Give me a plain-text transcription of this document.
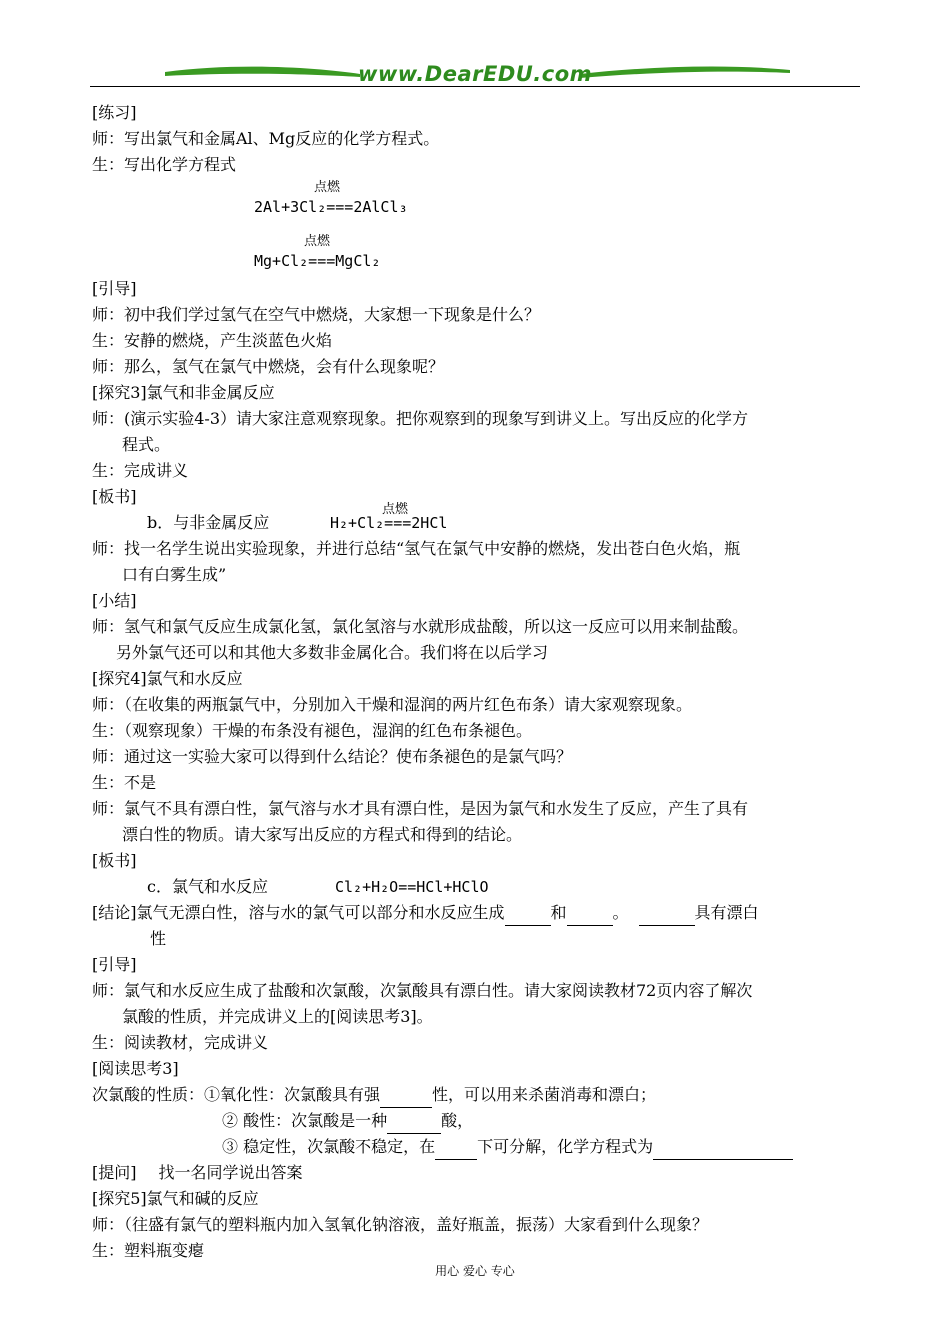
www.DearEDU.com

[练习]

师：写出氯气和金属Al、Mg反应的化学方程式。

生：写出化学方程式

点燃
2Al+3Cl₂===2AlCl₃
点燃
Mg+Cl₂===MgCl₂

[引导]

师：初中我们学过氢气在空气中燃烧，大家想一下现象是什么？

生：安静的燃烧，产生淡蓝色火焰

师：那么，氢气在氯气中燃烧，会有什么现象呢？

[探究3]氯气和非金属反应

师：(演示实验4-3）请大家注意观察现象。把你观察到的现象写到讲义上。写出反应的化学方

程式。

生：完成讲义

[板书]

b．与非金属反应
点燃
H₂+Cl₂===2HCl

师：找一名学生说出实验现象，并进行总结“氢气在氯气中安静的燃烧，发出苍白色火焰，瓶

口有白雾生成”

[小结]

师：氢气和氯气反应生成氯化氢，氯化氢溶与水就形成盐酸，所以这一反应可以用来制盐酸。

另外氯气还可以和其他大多数非金属化合。我们将在以后学习

[探究4]氯气和水反应

师：（在收集的两瓶氯气中，分别加入干燥和湿润的两片红色布条）请大家观察现象。

生：（观察现象）干燥的布条没有褪色，湿润的红色布条褪色。

师：通过这一实验大家可以得到什么结论？使布条褪色的是氯气吗？

生：不是

师：氯气不具有漂白性，氯气溶与水才具有漂白性，是因为氯气和水发生了反应，产生了具有

漂白性的物质。请大家写出反应的方程式和得到的结论。

[板书]

c．氯气和水反应	Cl₂+H₂O==HCl+HClO

[结论]氯气无漂白性，溶与水的氯气可以部分和水反应生成	和	。	具有漂白

性

[引导]

师：氯气和水反应生成了盐酸和次氯酸，次氯酸具有漂白性。请大家阅读教材72页内容了解次

氯酸的性质，并完成讲义上的[阅读思考3]。

生：阅读教材，完成讲义

[阅读思考3]

次氯酸的性质：①氧化性：次氯酸具有强	性，可以用来杀菌消毒和漂白；

② 酸性：次氯酸是一种	酸，

③ 稳定性，次氯酸不稳定，在	下可分解，化学方程式为

[提问] 找一名同学说出答案

[探究5]氯气和碱的反应

师：（往盛有氯气的塑料瓶内加入氢氧化钠溶液，盖好瓶盖，振荡）大家看到什么现象？

生：塑料瓶变瘪

用心 爱心 专心
